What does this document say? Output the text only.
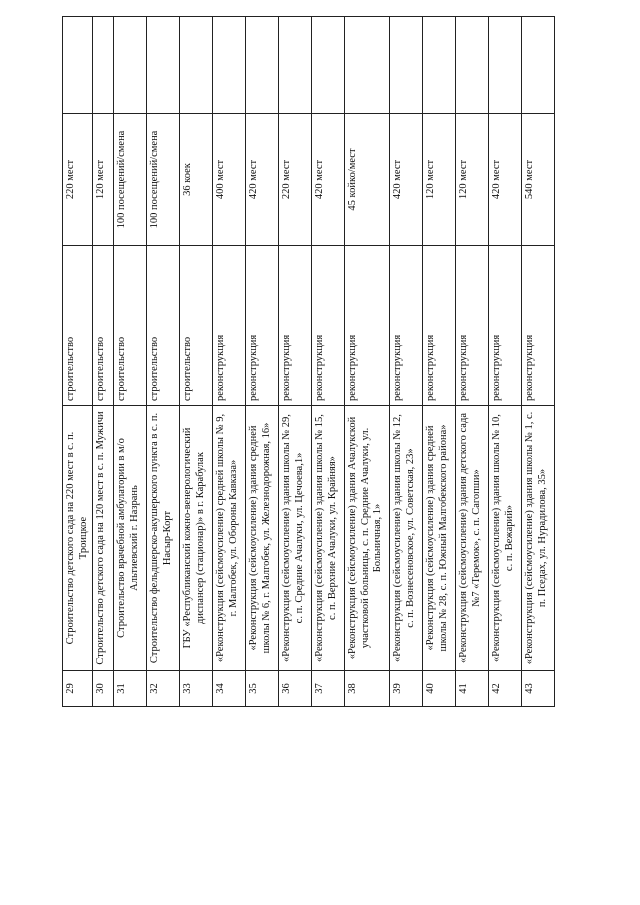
29	Строительство детского сада на 220 мест в с. п. Троицкое	строительство	220 мест	
30	Строительство детского сада на 120 мест в с. п. Мужичи	строительство	120 мест	
31	Строительство врачебной амбулатории в м/о Альтиевский г. Назрань	строительство	100 посещений/смена	
32	Строительство фельдшерско-акушерского пункта в с. п. Насыр-Корт	строительство	100 посещений/смена	
33	ГБУ «Республиканский кожно-венерологический диспансер (стационар)» в г. Карабулак	строительство	36 коек	
34	«Реконструкция (сейсмоусиление) средней школы № 9, г. Малгобек, ул. Обороны Кавказа»	реконструкция	400 мест	
35	«Реконструкция (сейсмоусиление) здания средней школы № 6, г. Малгобек, ул. Железнодорожная, 16»	реконструкция	420 мест	
36	«Реконструкция (сейсмоусиление) здания школы № 29, с. п. Средние Ачалуки, ул. Цечоева,1»	реконструкция	220 мест	
37	«Реконструкция (сейсмоусиление) здания школы № 15, с. п. Верхние Ачалуки, ул. Крайняя»	реконструкция	420 мест	
38	«Реконструкция (сейсмоусиление) здания Ачалукской участковой больницы, с. п. Средние Ачалуки, ул. Больничная, 1»	реконструкция	45 койко/мест	
39	«Реконструкция (сейсмоусиление) здания школы № 12, с. п. Вознесеновское, ул. Советская, 23»	реконструкция	420 мест	
40	«Реконструкция (сейсмоусиление) здания средней школы № 28, с. п. Южный Малгобекского района»	реконструкция	120 мест	
41	«Реконструкция (сейсмоусиление) здания детского сада №7 «Теремок», с. п. Сагопши»	реконструкция	120 мест	
42	«Реконструкция (сейсмоусиление) здания школы № 10, с. п. Вежарий»	реконструкция	420 мест	
43	«Реконструкция (сейсмоусиление) здания школы № 1, с. п. Пседах, ул. Нурадилова, 35»	реконструкция	540 мест	
